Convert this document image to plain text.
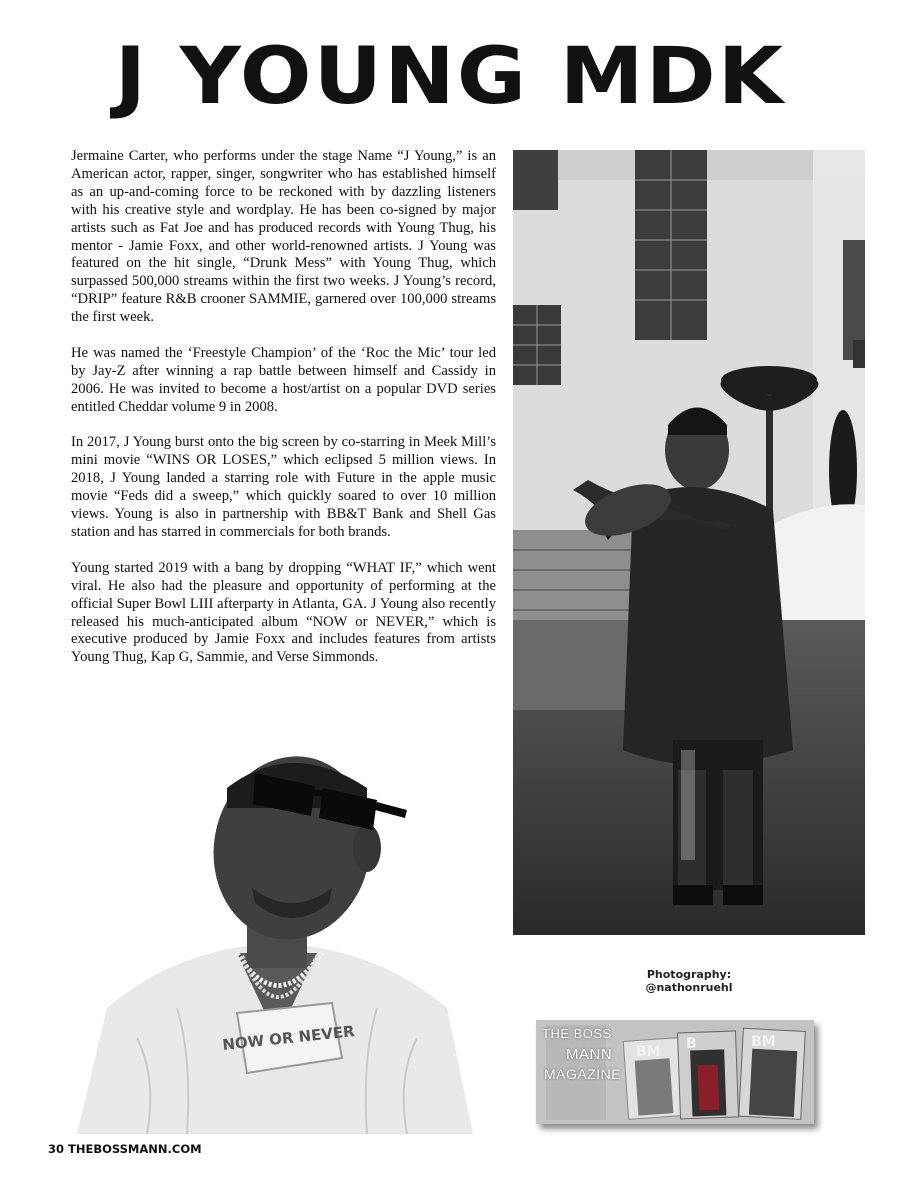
J YOUNG MDK

Jermaine Carter, who performs under the stage Name “J Young,” is an American actor, rapper, singer, songwriter who has established himself as an up-and-coming force to be reckoned with by dazzling listeners with his creative style and wordplay. He has been co-signed by major artists such as Fat Joe and has produced records with Young Thug, his mentor - Jamie Foxx, and other world-renowned artists. J Young was featured on the hit single, “Drunk Mess” with Young Thug, which surpassed 500,000 streams within the first two weeks. J Young’s record, “DRIP” feature R&B crooner SAMMIE, garnered over 100,000 streams the first week.

He was named the ‘Freestyle Champion’ of the ‘Roc the Mic’ tour led by Jay-Z after winning a rap battle between himself and Cassidy in 2006. He was invited to become a host/artist on a popular DVD series entitled Cheddar volume 9 in 2008.

In 2017, J Young burst onto the big screen by co-starring in Meek Mill’s mini movie “WINS OR LOSES,” which eclipsed 5 million views. In 2018, J Young landed a starring role with Future in the apple music movie “Feds did a sweep,” which quickly soared to over 10 million views. Young is also in partnership with BB&T Bank and Shell Gas station and has starred in commercials for both brands.

Young started 2019 with a bang by dropping “WHAT IF,” which went viral. He also had the pleasure and opportunity of performing at the official Super Bowl LIII afterparty in Atlanta, GA. J Young also recently released his much-anticipated album “NOW or NEVER,” which is executive produced by Jamie Foxx and includes features from artists Young Thug, Kap G, Sammie, and Verse Simmonds.

NOW OR NEVER
Photography: @nathonruehl
BM B	BM
THE BOSS
MANN
MAGAZINE
30 THEBOSSMANN.COM
